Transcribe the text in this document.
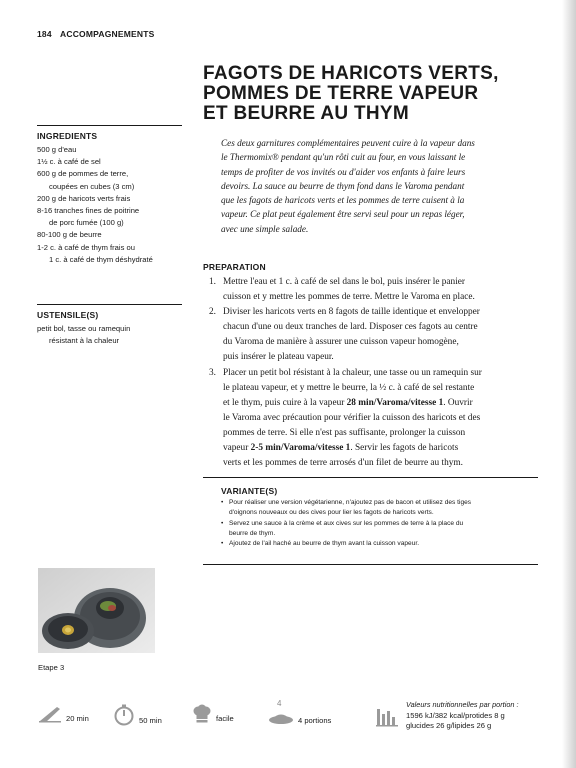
184 ACCOMPAGNEMENTS
FAGOTS DE HARICOTS VERTS,
POMMES DE TERRE VAPEUR
ET BEURRE AU THYM
INGREDIENTS
500 g d'eau
1½ c. à café de sel
600 g de pommes de terre,

coupées en cubes (3 cm)
200 g de haricots verts frais
8-16 tranches fines de poitrine

de porc fumée (100 g)
80-100 g de beurre
1-2 c. à café de thym frais ou

1 c. à café de thym déshydraté
USTENSILE(S)
petit bol, tasse ou ramequin

résistant à la chaleur
Ces deux garnitures complémentaires peuvent cuire à la vapeur dans
le Thermomix® pendant qu'un rôti cuit au four, en vous laissant le
temps de profiter de vos invités ou d'aider vos enfants à faire leurs
devoirs. La sauce au beurre de thym fond dans le Varoma pendant
que les fagots de haricots verts et les pommes de terre cuisent à la
vapeur. Ce plat peut également être servi seul pour un repas léger,
avec une simple salade.
PREPARATION
1. Mettre l'eau et 1 c. à café de sel dans le bol, puis insérer le panier
cuisson et y mettre les pommes de terre. Mettre le Varoma en place.
2. Diviser les haricots verts en 8 fagots de taille identique et envelopper
chacun d'une ou deux tranches de lard. Disposer ces fagots au centre
du Varoma de manière à assurer une cuisson vapeur homogène,
puis insérer le plateau vapeur.
3. Placer un petit bol résistant à la chaleur, une tasse ou un ramequin sur
le plateau vapeur, et y mettre le beurre, la ½ c. à café de sel restante
et le thym, puis cuire à la vapeur 28 min/Varoma/vitesse 1. Ouvrir
le Varoma avec précaution pour vérifier la cuisson des haricots et des
pommes de terre. Si elle n'est pas suffisante, prolonger la cuisson
vapeur 2-5 min/Varoma/vitesse 1. Servir les fagots de haricots
verts et les pommes de terre arrosés d'un filet de beurre au thym.
VARIANTE(S)
• Pour réaliser une version végétarienne, n'ajoutez pas de bacon et utilisez des tiges
d'oignons nouveaux ou des cives pour lier les fagots de haricots verts.
• Servez une sauce à la crème et aux cives sur les pommes de terre à la place du
beurre de thym.
• Ajoutez de l'ail haché au beurre de thym avant la cuisson vapeur.
Etape 3
20 min	50 min	facile
4
4 portions
Valeurs nutritionnelles par portion :
1596 kJ/382 kcal/protides 8 g
glucides 26 g/lipides 26 g
